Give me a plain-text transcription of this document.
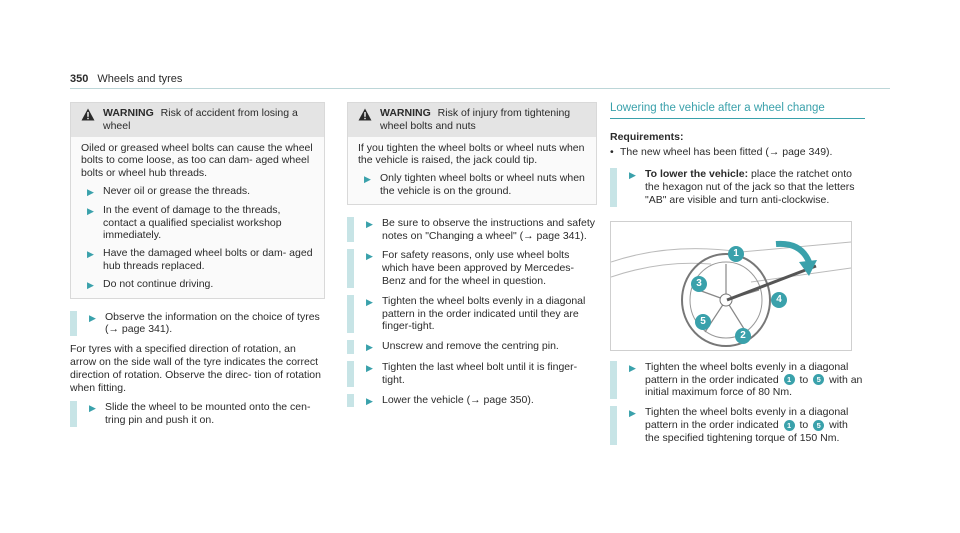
350 Wheels and tyres
WARNING Risk of accident from losing a wheel

Oiled or greased wheel bolts can cause the wheel bolts to come loose, as too can dam- aged wheel bolts or wheel hub threads.

▶ Never oil or grease the threads.
▶ In the event of damage to the threads, contact a qualified specialist workshop immediately.
▶ Have the damaged wheel bolts or dam- aged hub threads replaced.
▶ Do not continue driving.
▶ Observe the information on the choice of tyres (→ page 341).

For tyres with a specified direction of rotation, an arrow on the side wall of the tyre indicates the correct direction of rotation. Observe the direc- tion of rotation when fitting.

▶ Slide the wheel to be mounted onto the cen- tring pin and push it on.
WARNING Risk of injury from tightening wheel bolts and nuts

If you tighten the wheel bolts or wheel nuts when the vehicle is raised, the jack could tip.

▶ Only tighten wheel bolts or wheel nuts when the vehicle is on the ground.
▶ Be sure to observe the instructions and safety notes on "Changing a wheel" (→ page 341).
▶ For safety reasons, only use wheel bolts which have been approved by Mercedes-Benz and for the wheel in question.
▶ Tighten the wheel bolts evenly in a diagonal pattern in the order indicated until they are finger-tight.
▶ Unscrew and remove the centring pin.
▶ Tighten the last wheel bolt until it is finger- tight.
▶ Lower the vehicle (→ page 350).
Lowering the vehicle after a wheel change
Requirements:
• The new wheel has been fitted (→ page 349).
▶ To lower the vehicle: place the ratchet onto the hexagon nut of the jack so that the letters "AB" are visible and turn anti-clockwise.
1
2
3
4
5
▶ Tighten the wheel bolts evenly in a diagonal pattern in the order indicated 1 to 5 with an initial maximum force of 80 Nm.
▶ Tighten the wheel bolts evenly in a diagonal pattern in the order indicated 1 to 5 with the specified tightening torque of 150 Nm.
